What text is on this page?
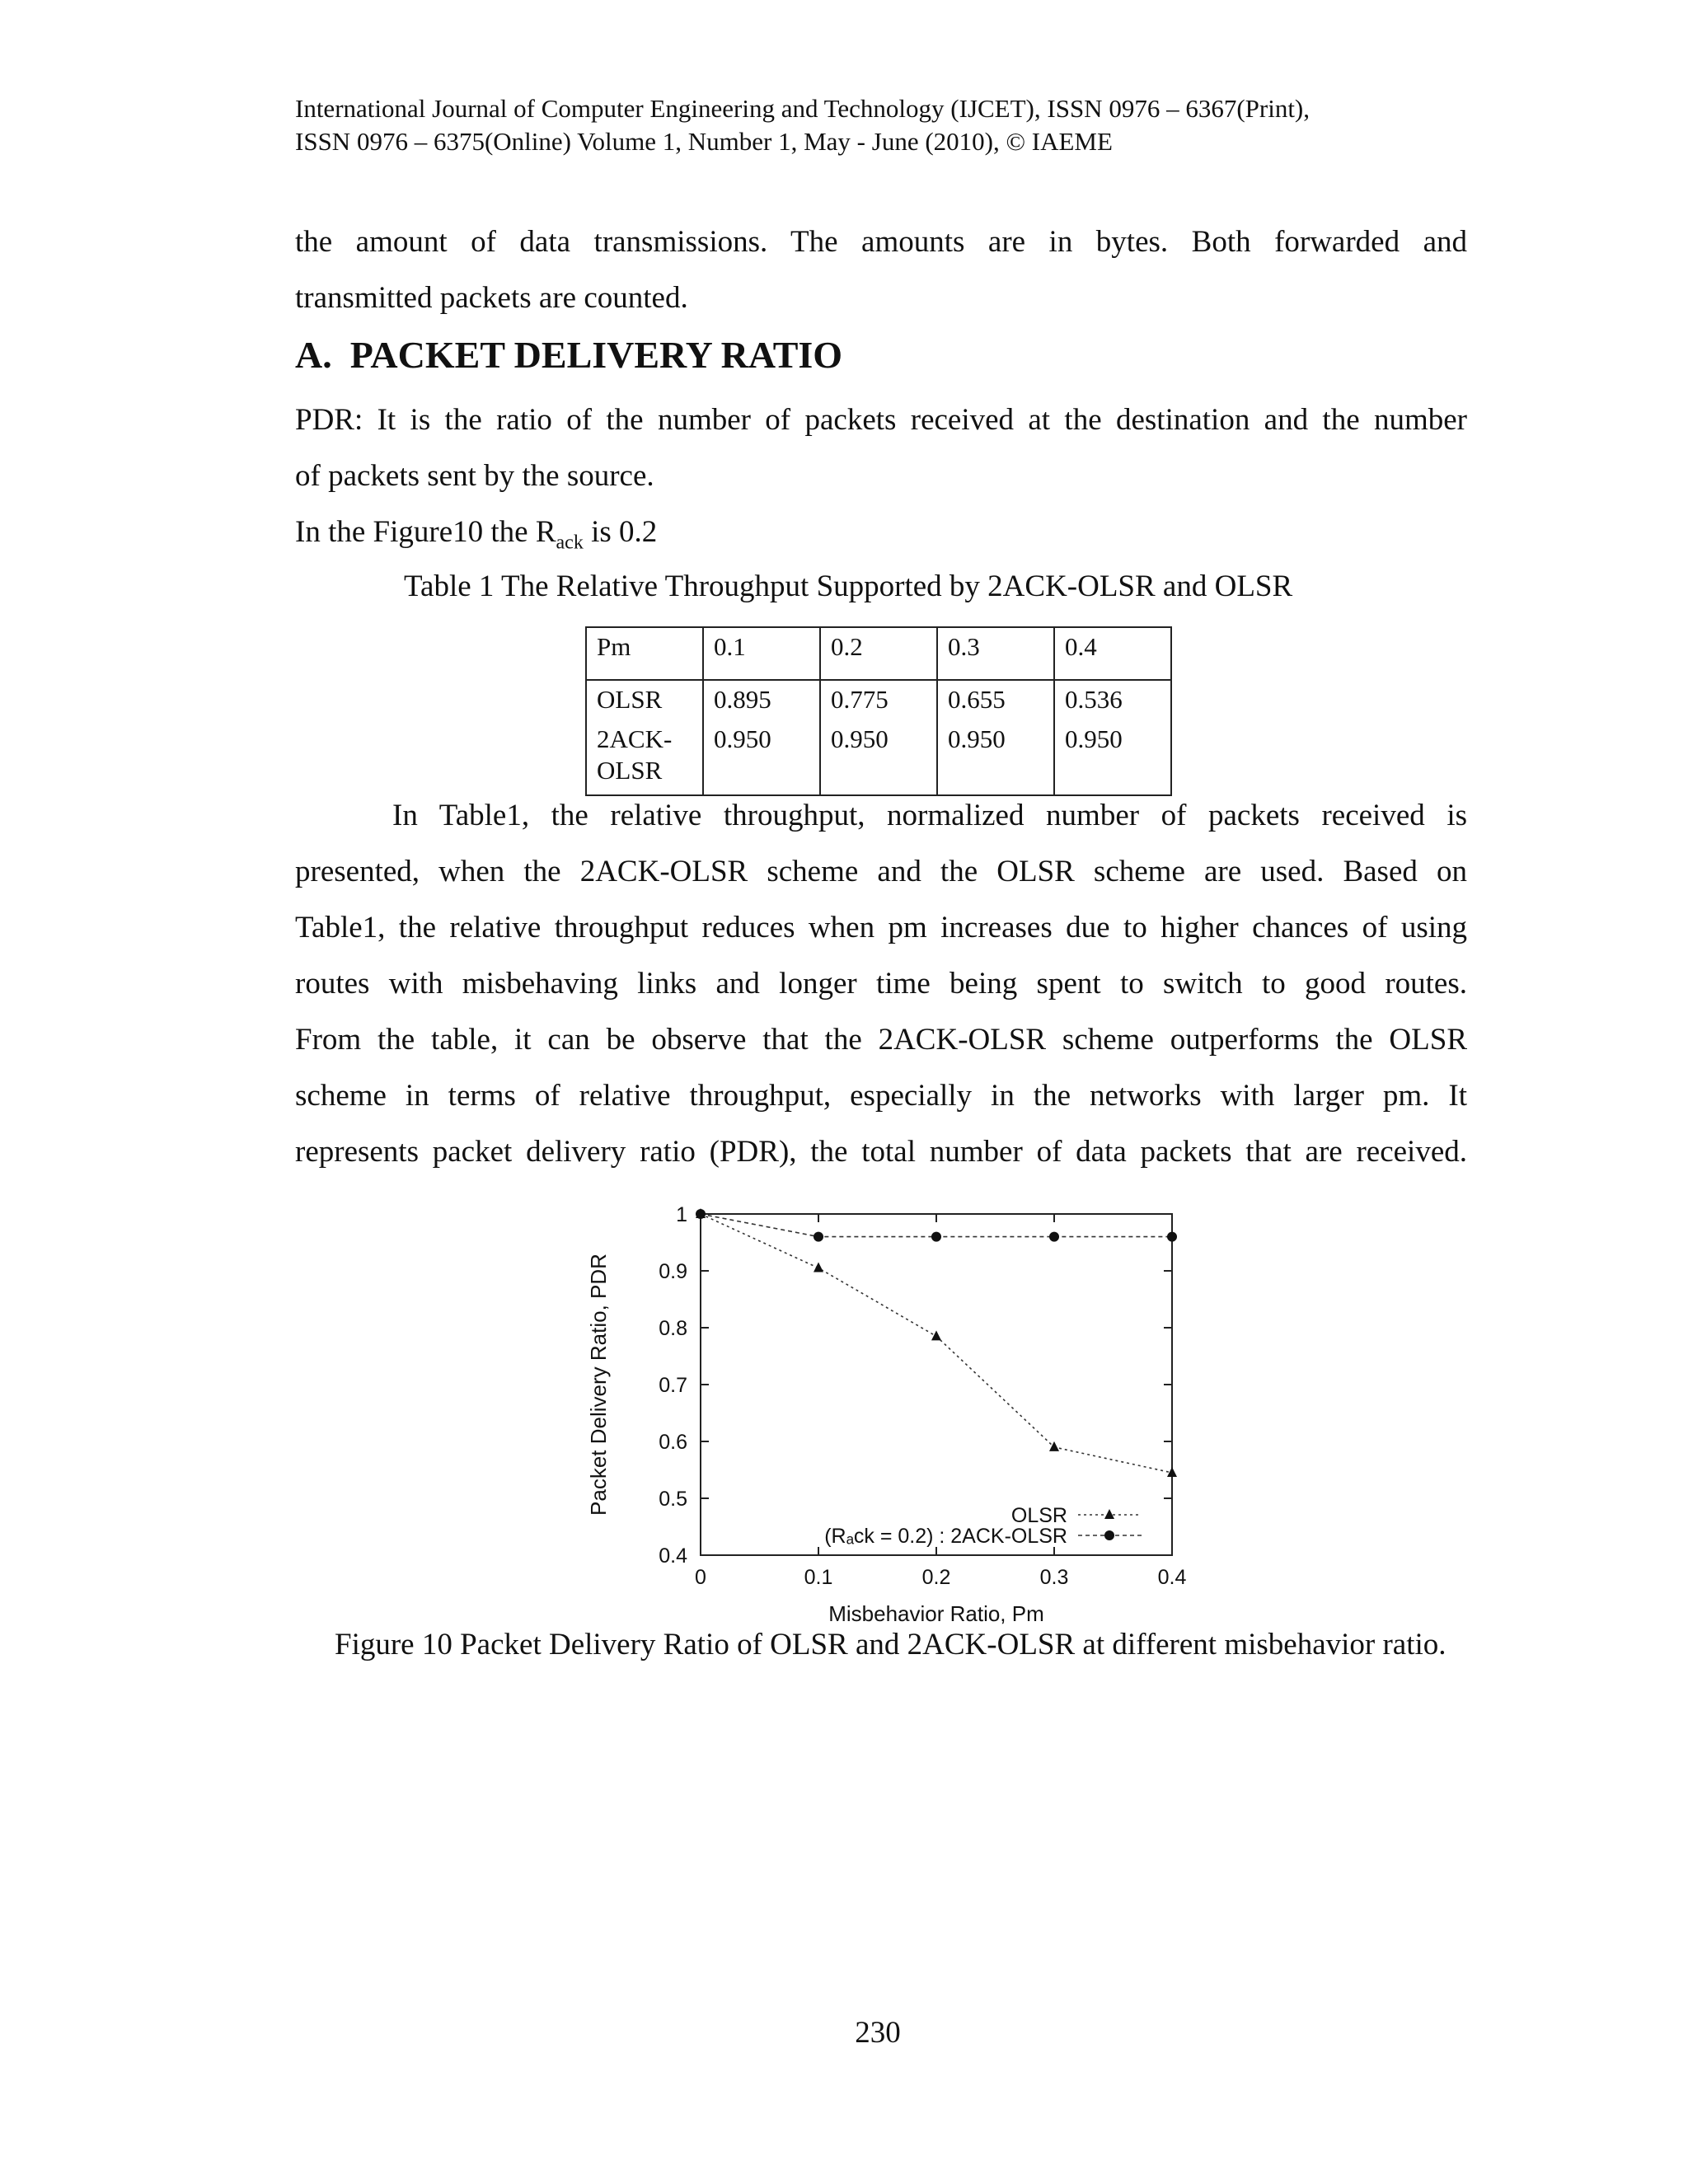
International Journal of Computer Engineering and Technology (IJCET), ISSN 0976 – 6367(Print),
ISSN 0976 – 6375(Online) Volume 1, Number 1, May - June (2010), © IAEME
the amount of data transmissions. The amounts are in bytes. Both forwarded and
transmitted packets are counted.
A. PACKET DELIVERY RATIO
PDR: It is the ratio of the number of packets received at the destination and the number
of packets sent by the source.
In the Figure10 the $R_{ack}$ is 0.2
Table 1 The Relative Throughput Supported by 2ACK-OLSR and OLSR
Pm	0.1	0.2	0.3	0.4
OLSR	0.895	0.775	0.655	0.536
2ACK-OLSR	0.950	0.950	0.950	0.950
In Table1, the relative throughput, normalized number of packets received is
presented, when the 2ACK-OLSR scheme and the OLSR scheme are used. Based on
Table1, the relative throughput reduces when pm increases due to higher chances of using
routes with misbehaving links and longer time being spent to switch to good routes.
From the table, it can be observe that the 2ACK-OLSR scheme outperforms the OLSR
scheme in terms of relative throughput, especially in the networks with larger pm. It
represents packet delivery ratio (PDR), the total number of data packets that are received.
0.4
0.5
0.6
0.7
0.8
0.9
1
0	0.1	0.2	0.3	0.4
Misbehavior Ratio, Pm
Packet Delivery Ratio, PDR
OLSR
(Rₐck = 0.2) : 2ACK-OLSR
Figure 10 Packet Delivery Ratio of OLSR and 2ACK-OLSR at different misbehavior ratio.
230
